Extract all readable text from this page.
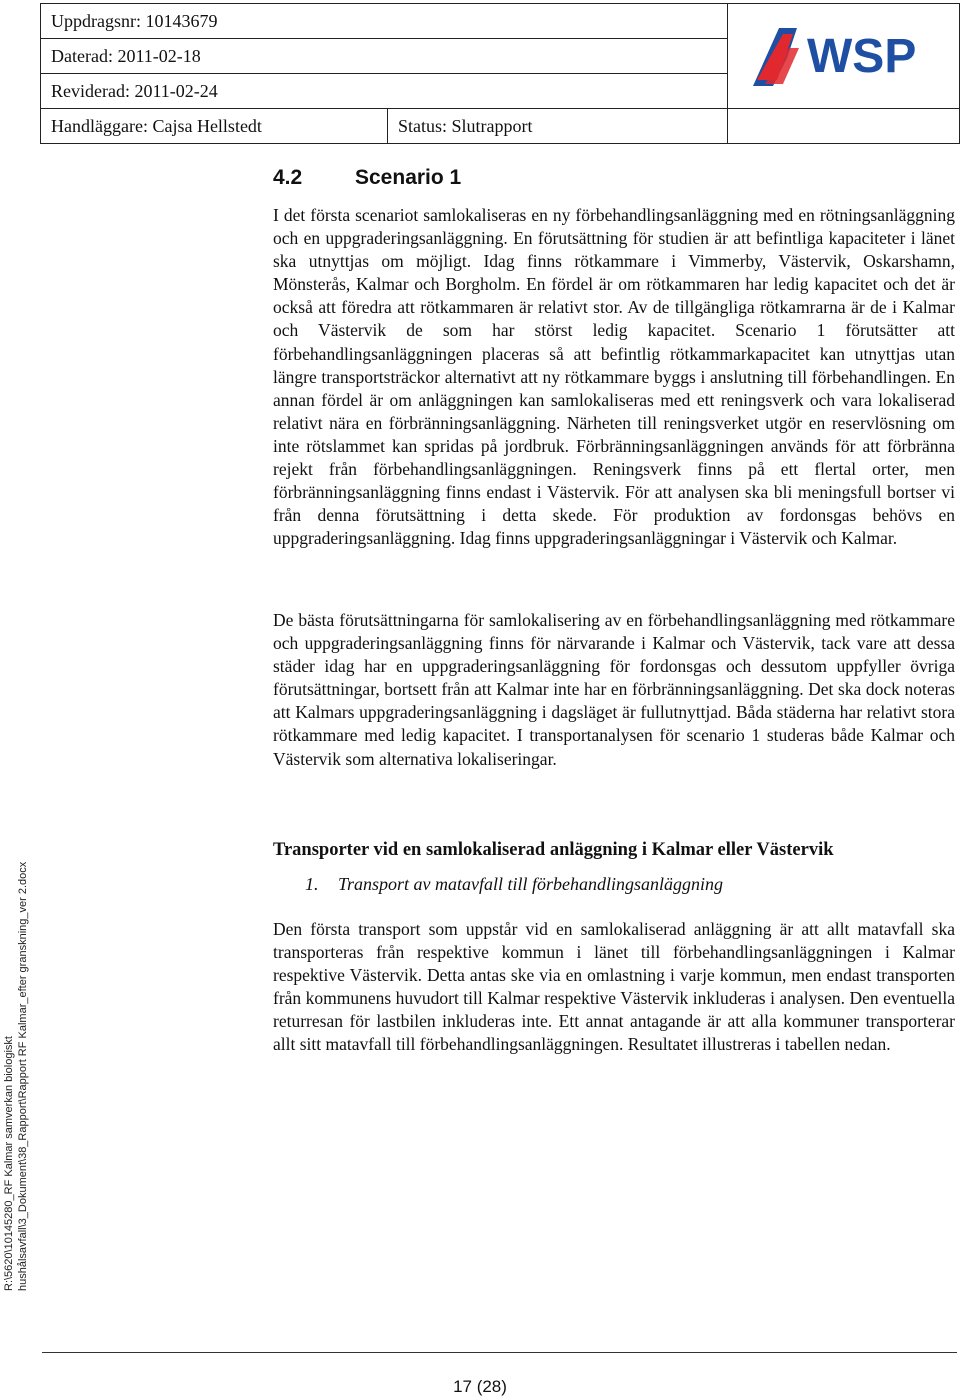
Uppdragsnr: 10143679		WSP

Daterad: 2011-02-18		
Reviderad: 2011-02-24		
Handläggare: Cajsa Hellstedt	Status: Slutrapport	
4.2	Scenario 1

I det första scenariot samlokaliseras en ny förbehandlingsanläggning med en rötningsanläggning och en uppgraderingsanläggning. En förutsättning för studien är att befintliga kapaciteter i länet ska utnyttjas om möjligt. Idag finns rötkammare i Vimmerby, Västervik, Oskarshamn, Mönsterås, Kalmar och Borgholm. En fördel är om rötkammaren har ledig kapacitet och det är också att föredra att rötkammaren är relativt stor. Av de tillgängliga rötkamrarna är de i Kalmar och Västervik de som har störst ledig kapacitet. Scenario 1 förutsätter att förbehandlingsanläggningen placeras så att befintlig rötkammarkapacitet kan utnyttjas utan längre transportsträckor alternativt att ny rötkammare byggs i anslutning till förbehandlingen. En annan fördel är om anläggningen kan samlokaliseras med ett reningsverk och vara lokaliserad relativt nära en förbränningsanläggning. Närheten till reningsverket utgör en reservlösning om inte rötslammet kan spridas på jordbruk. Förbränningsanläggningen används för att förbränna rejekt från förbehandlingsanläggningen. Reningsverk finns på ett flertal orter, men förbränningsanläggning finns endast i Västervik. För att analysen ska bli meningsfull bortser vi från denna förutsättning i detta skede. För produktion av fordonsgas behövs en uppgraderingsanläggning. Idag finns uppgraderingsanläggningar i Västervik och Kalmar.

De bästa förutsättningarna för samlokalisering av en förbehandlingsanläggning med rötkammare och uppgraderingsanläggning finns för närvarande i Kalmar och Västervik, tack vare att dessa städer idag har en uppgraderingsanläggning för fordonsgas och dessutom uppfyller övriga förutsättningar, bortsett från att Kalmar inte har en förbränningsanläggning. Det ska dock noteras att Kalmars uppgraderingsanläggning i dagsläget är fullutnyttjad. Båda städerna har relativt stora rötkammare med ledig kapacitet. I transportanalysen för scenario 1 studeras både Kalmar och Västervik som alternativa lokaliseringar.

Transporter vid en samlokaliserad anläggning i Kalmar eller Västervik

1. Transport av matavfall till förbehandlingsanläggning

Den första transport som uppstår vid en samlokaliserad anläggning är att allt matavfall ska transporteras från respektive kommun i länet till förbehandlingsanläggningen i Kalmar respektive Västervik. Detta antas ske via en omlastning i varje kommun, men endast transporten från kommunens huvudort till Kalmar respektive Västervik inkluderas i analysen. Den eventuella returresan för lastbilen inkluderas inte. Ett annat antagande är att alla kommuner transporterar allt sitt matavfall till förbehandlingsanläggningen. Resultatet illustreras i tabellen nedan.

R:\5620\10145280_RF Kalmar samverkan biologiskt hushålsavfall\3_Dokument\38_Rapport\Rapport RF Kalmar_efter granskning_ver 2.docx
17 (28)
